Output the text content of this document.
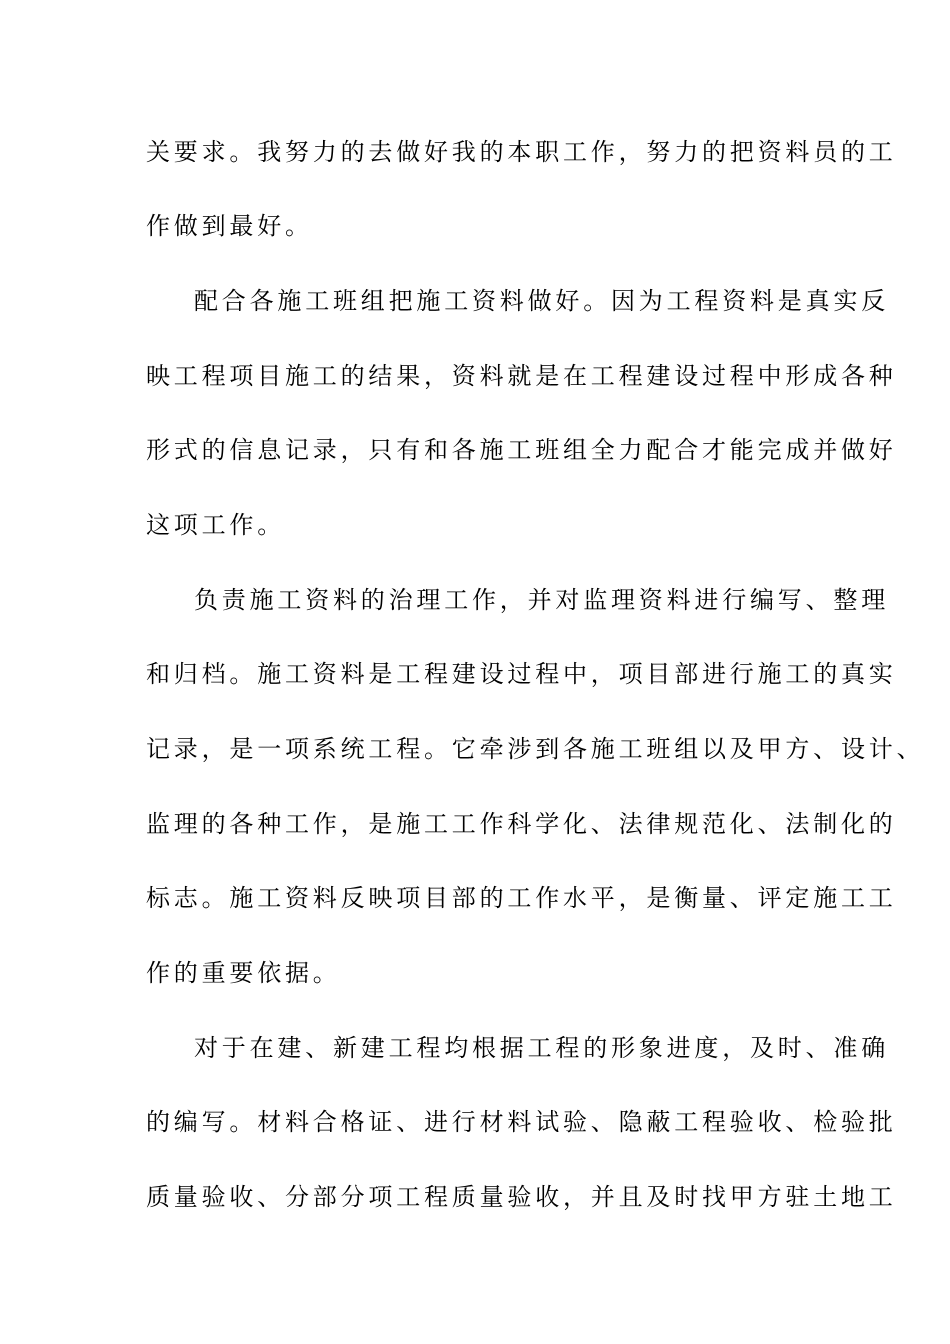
关要求。我努力的去做好我的本职工作，努力的把资料员的工
作做到最好。
配合各施工班组把施工资料做好。因为工程资料是真实反
映工程项目施工的结果，资料就是在工程建设过程中形成各种
形式的信息记录，只有和各施工班组全力配合才能完成并做好
这项工作。
负责施工资料的治理工作，并对监理资料进行编写、整理
和归档。施工资料是工程建设过程中，项目部进行施工的真实
记录，是一项系统工程。它牵涉到各施工班组以及甲方、设计、
监理的各种工作，是施工工作科学化、法律规范化、法制化的
标志。施工资料反映项目部的工作水平，是衡量、评定施工工
作的重要依据。
对于在建、新建工程均根据工程的形象进度，及时、准确
的编写。材料合格证、进行材料试验、隐蔽工程验收、检验批
质量验收、分部分项工程质量验收，并且及时找甲方驻土地工
